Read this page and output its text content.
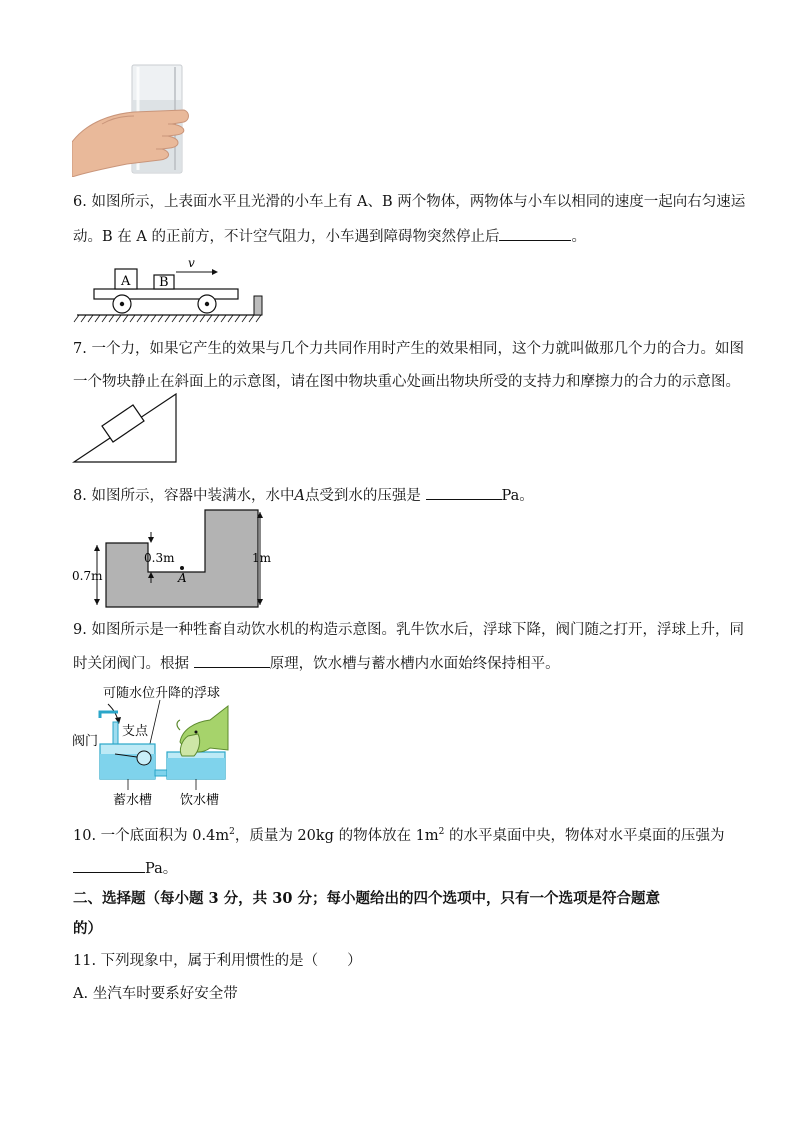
6. 如图所示，上表面水平且光滑的小车上有 A、B 两个物体，两物体与小车以相同的速度一起向右匀速运
动。B 在 A 的正前方，不计空气阻力，小车遇到障碍物突然停止后	。
A B
v
7. 一个力，如果它产生的效果与几个力共同作用时产生的效果相同，这个力就叫做那几个力的合力。如图
一个物块静止在斜面上的示意图，请在图中物块重心处画出物块所受的支持力和摩擦力的合力的示意图。
8. 如图所示，容器中装满水，水中A点受到水的压强是	Pa。
0.7m
1m
0.3m
A
9. 如图所示是一种牲畜自动饮水机的构造示意图。乳牛饮水后，浮球下降，阀门随之打开，浮球上升，同
时关闭阀门。根据	原理，饮水槽与蓄水槽内水面始终保持相平。
可随水位升降的浮球
阀门
支点
蓄水槽 饮水槽
10. 一个底面积为 $0.4m^2$，质量为 20kg 的物体放在 $1m^2$ 的水平桌面中央，物体对水平桌面的压强为
Pa。
二、选择题（每小题 3 分，共 30 分；每小题给出的四个选项中，只有一个选项是符合题意
的）
11. 下列现象中，属于利用惯性的是（　　）
A. 坐汽车时要系好安全带
